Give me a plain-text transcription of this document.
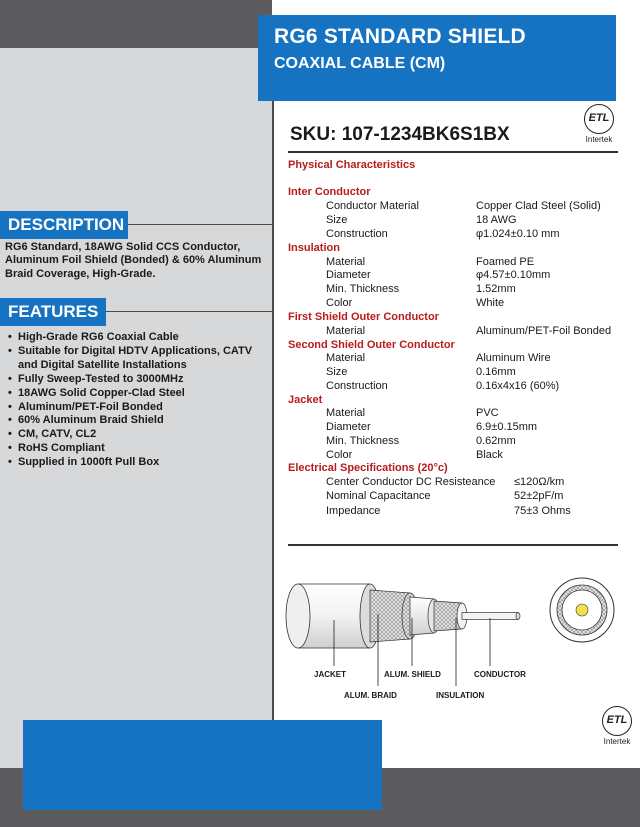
RG6 STANDARD SHIELD
COAXIAL CABLE (CM)
SKU: 107-1234BK6S1BX
ETL
Intertek
ETL
Intertek
DESCRIPTION
RG6 Standard, 18AWG Solid CCS Conductor, Aluminum Foil Shield (Bonded) & 60% Aluminum Braid Coverage, High-Grade.
FEATURES
• High-Grade RG6 Coaxial Cable
• Suitable for Digital HDTV Applications, CATV and Digital Satellite Installations
• Fully Sweep-Tested to 3000MHz
• 18AWG Solid Copper-Clad Steel
• Aluminum/PET-Foil Bonded
• 60% Aluminum Braid Shield
• CM, CATV, CL2
• RoHS Compliant
• Supplied in 1000ft Pull Box
Physical Characteristics
Inter Conductor
Conductor Material	Copper Clad Steel (Solid)
Size	18 AWG
Construction	φ1.024±0.10 mm
Insulation
Material	Foamed PE
Diameter	φ4.57±0.10mm
Min. Thickness	1.52mm
Color	White
First Shield Outer Conductor
Material	Aluminum/PET-Foil Bonded
Second Shield Outer Conductor
Material	Aluminum Wire
Size	0.16mm
Construction	0.16x4x16 (60%)
Jacket
Material	PVC
Diameter	6.9±0.15mm
Min. Thickness	0.62mm
Color	Black
Electrical Specifications (20°c)
Center Conductor DC Resisteance ≤120Ω/km
Nominal Capacitance	52±2pF/m
Impedance	75±3 Ohms
JACKET	ALUM. SHIELD	CONDUCTOR
ALUM. BRAID	INSULATION
